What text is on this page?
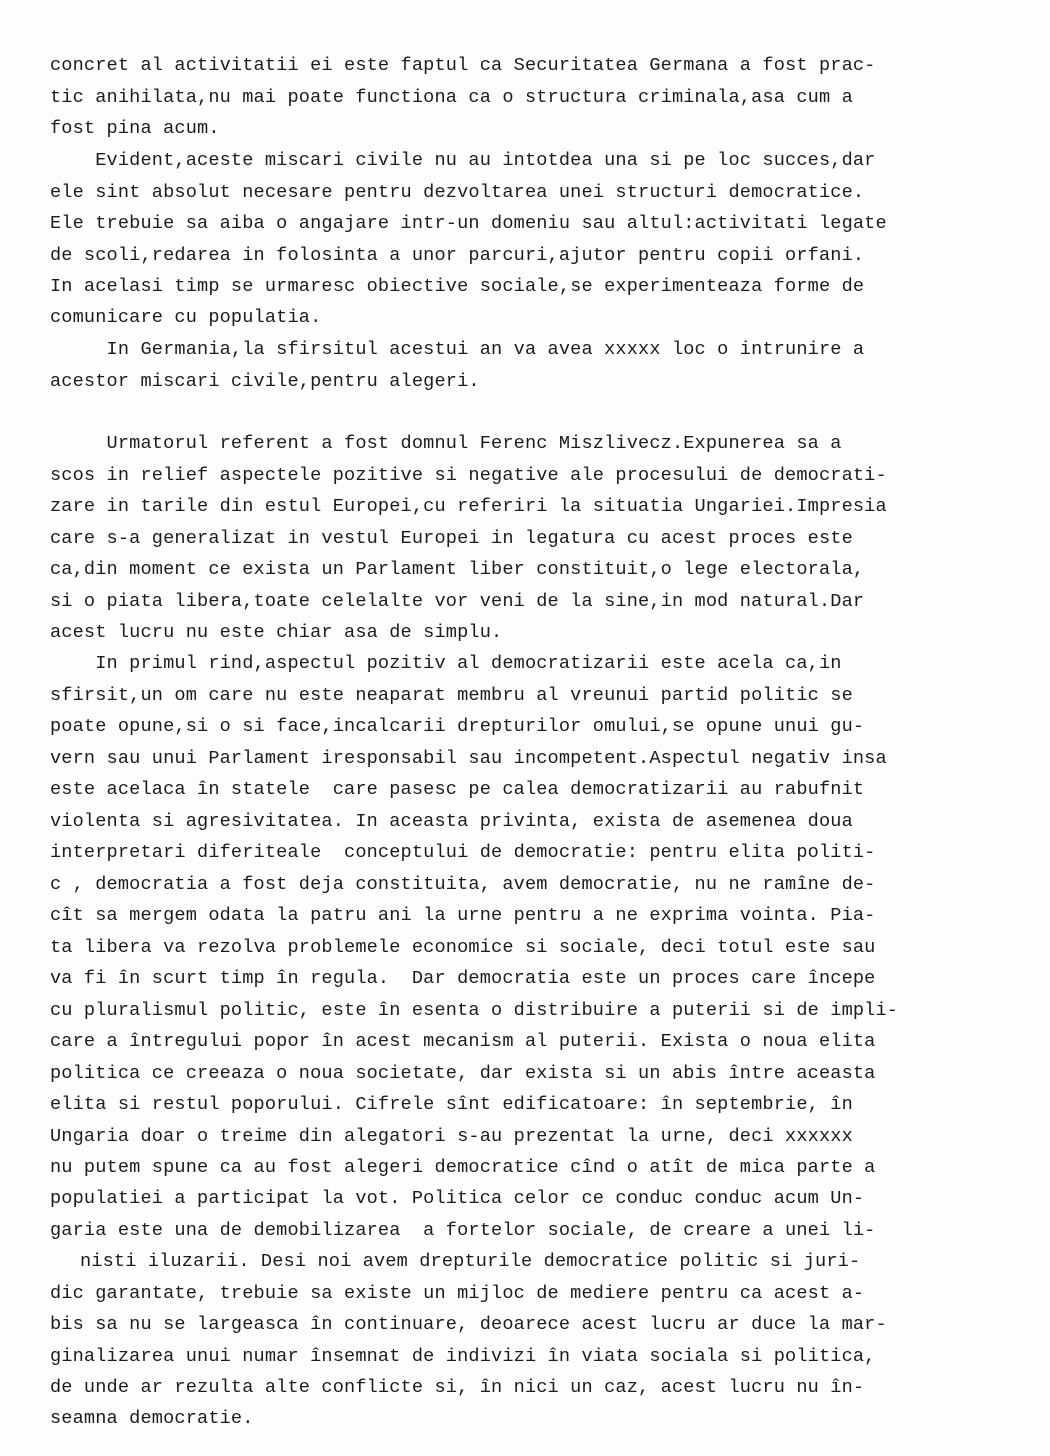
concret al activitatii ei este faptul ca Securitatea Germana a fost prac-
tic anihilata,nu mai poate functiona ca o structura criminala,asa cum a
fost pina acum.
Evident,aceste miscari civile nu au intotdea una si pe loc succes,dar
ele sint absolut necesare pentru dezvoltarea unei structuri democratice.
Ele trebuie sa aiba o angajare intr-un domeniu sau altul:activitati legate
de scoli,redarea in folosinta a unor parcuri,ajutor pentru copii orfani.
In acelasi timp se urmaresc obiective sociale,se experimenteaza forme de
comunicare cu populatia.
In Germania,la sfirsitul acestui an va avea xxxxx loc o intrunire a
acestor miscari civile,pentru alegeri.
Urmatorul referent a fost domnul Ferenc Miszlivecz.Expunerea sa a
scos in relief aspectele pozitive si negative ale procesului de democrati-
zare in tarile din estul Europei,cu referiri la situatia Ungariei.Impresia
care s-a generalizat in vestul Europei in legatura cu acest proces este
ca,din moment ce exista un Parlament liber constituit,o lege electorala,
si o piata libera,toate celelalte vor veni de la sine,in mod natural.Dar
acest lucru nu este chiar asa de simplu.
In primul rind,aspectul pozitiv al democratizarii este acela ca,in
sfirsit,un om care nu este neaparat membru al vreunui partid politic se
poate opune,si o si face,incalcarii drepturilor omului,se opune unui gu-
vern sau unui Parlament iresponsabil sau incompetent.Aspectul negativ insa
este acelaca în statele  care pasesc pe calea democratizarii au rabufnit
violenta si agresivitatea. In aceasta privinta, exista de asemenea doua
interpretari diferiteale  conceptului de democratie: pentru elita politi-
c , democratia a fost deja constituita, avem democratie, nu ne ramîne de-
cît sa mergem odata la patru ani la urne pentru a ne exprima vointa. Pia-
ta libera va rezolva problemele economice si sociale, deci totul este sau
va fi în scurt timp în regula.  Dar democratia este un proces care începe
cu pluralismul politic, este în esenta o distribuire a puterii si de impli-
care a întregului popor în acest mecanism al puterii. Exista o noua elita
politica ce creeaza o noua societate, dar exista si un abis între aceasta
elita si restul poporului. Cifrele sînt edificatoare: în septembrie, în
Ungaria doar o treime din alegatori s-au prezentat la urne, deci xxxxxx
nu putem spune ca au fost alegeri democratice cînd o atît de mica parte a
populatiei a participat la vot. Politica celor ce conduc conduc acum Un-
garia este una de demobilizarea  a fortelor sociale, de creare a unei li-
nisti iluzarii. Desi noi avem drepturile democratice politic si juri-
dic garantate, trebuie sa existe un mijloc de mediere pentru ca acest a-
bis sa nu se largeasca în continuare, deoarece acest lucru ar duce la mar-
ginalizarea unui numar însemnat de indivizi în viata sociala si politica,
de unde ar rezulta alte conflicte si, în nici un caz, acest lucru nu în-
seamna democratie.
